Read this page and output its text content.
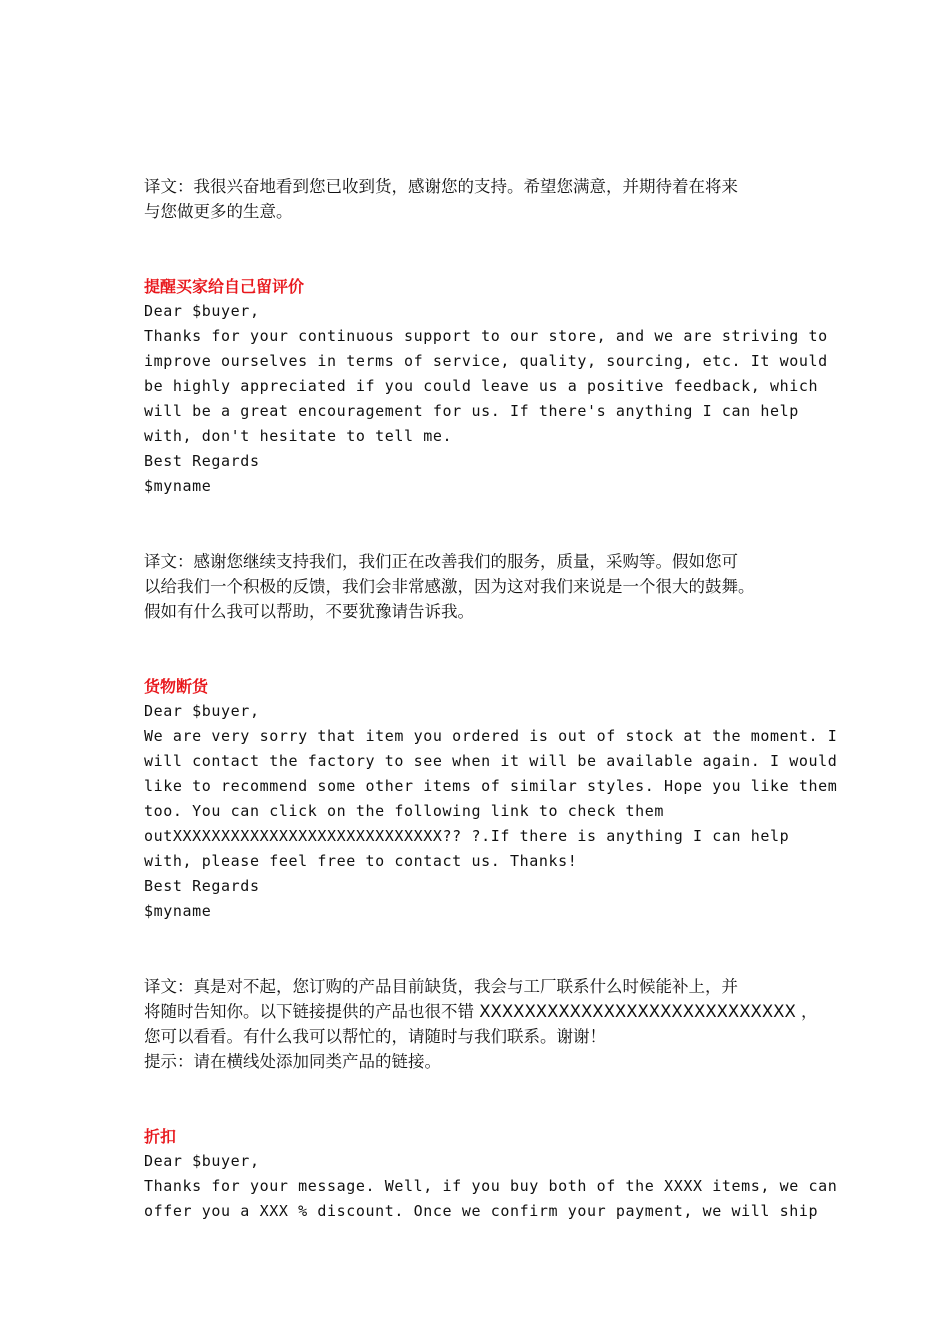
译文：我很兴奋地看到您已收到货，感谢您的支持。希望您满意，并期待着在将来
与您做更多的生意。
提醒买家给自己留评价
Dear $buyer,
Thanks for your continuous support to our store, and we are striving to
improve ourselves in terms of service, quality, sourcing, etc. It would
be highly appreciated if you could leave us a positive feedback, which
will be a great encouragement for us. If there's anything I can help
with, don't hesitate to tell me.
Best Regards
$myname
译文：感谢您继续支持我们，我们正在改善我们的服务，质量，采购等。假如您可
以给我们一个积极的反馈，我们会非常感激，因为这对我们来说是一个很大的鼓舞。
假如有什么我可以帮助，不要犹豫请告诉我。
货物断货
Dear $buyer,
We are very sorry that item you ordered is out of stock at the moment. I
will contact the factory to see when it will be available again. I would
like to recommend some other items of similar styles. Hope you like them
too. You can click on the following link to check them
outXXXXXXXXXXXXXXXXXXXXXXXXXXXX?? ?.If there is anything I can help
with, please feel free to contact us. Thanks!
Best Regards
$myname
译文：真是对不起，您订购的产品目前缺货，我会与工厂联系什么时候能补上，并
将随时告知你。以下链接提供的产品也很不错 XXXXXXXXXXXXXXXXXXXXXXXXXXXX ，
您可以看看。有什么我可以帮忙的，请随时与我们联系。谢谢！
提示：请在横线处添加同类产品的链接。
折扣
Dear $buyer,
Thanks for your message. Well, if you buy both of the XXXX items, we can
offer you a XXX % discount. Once we confirm your payment, we will ship
